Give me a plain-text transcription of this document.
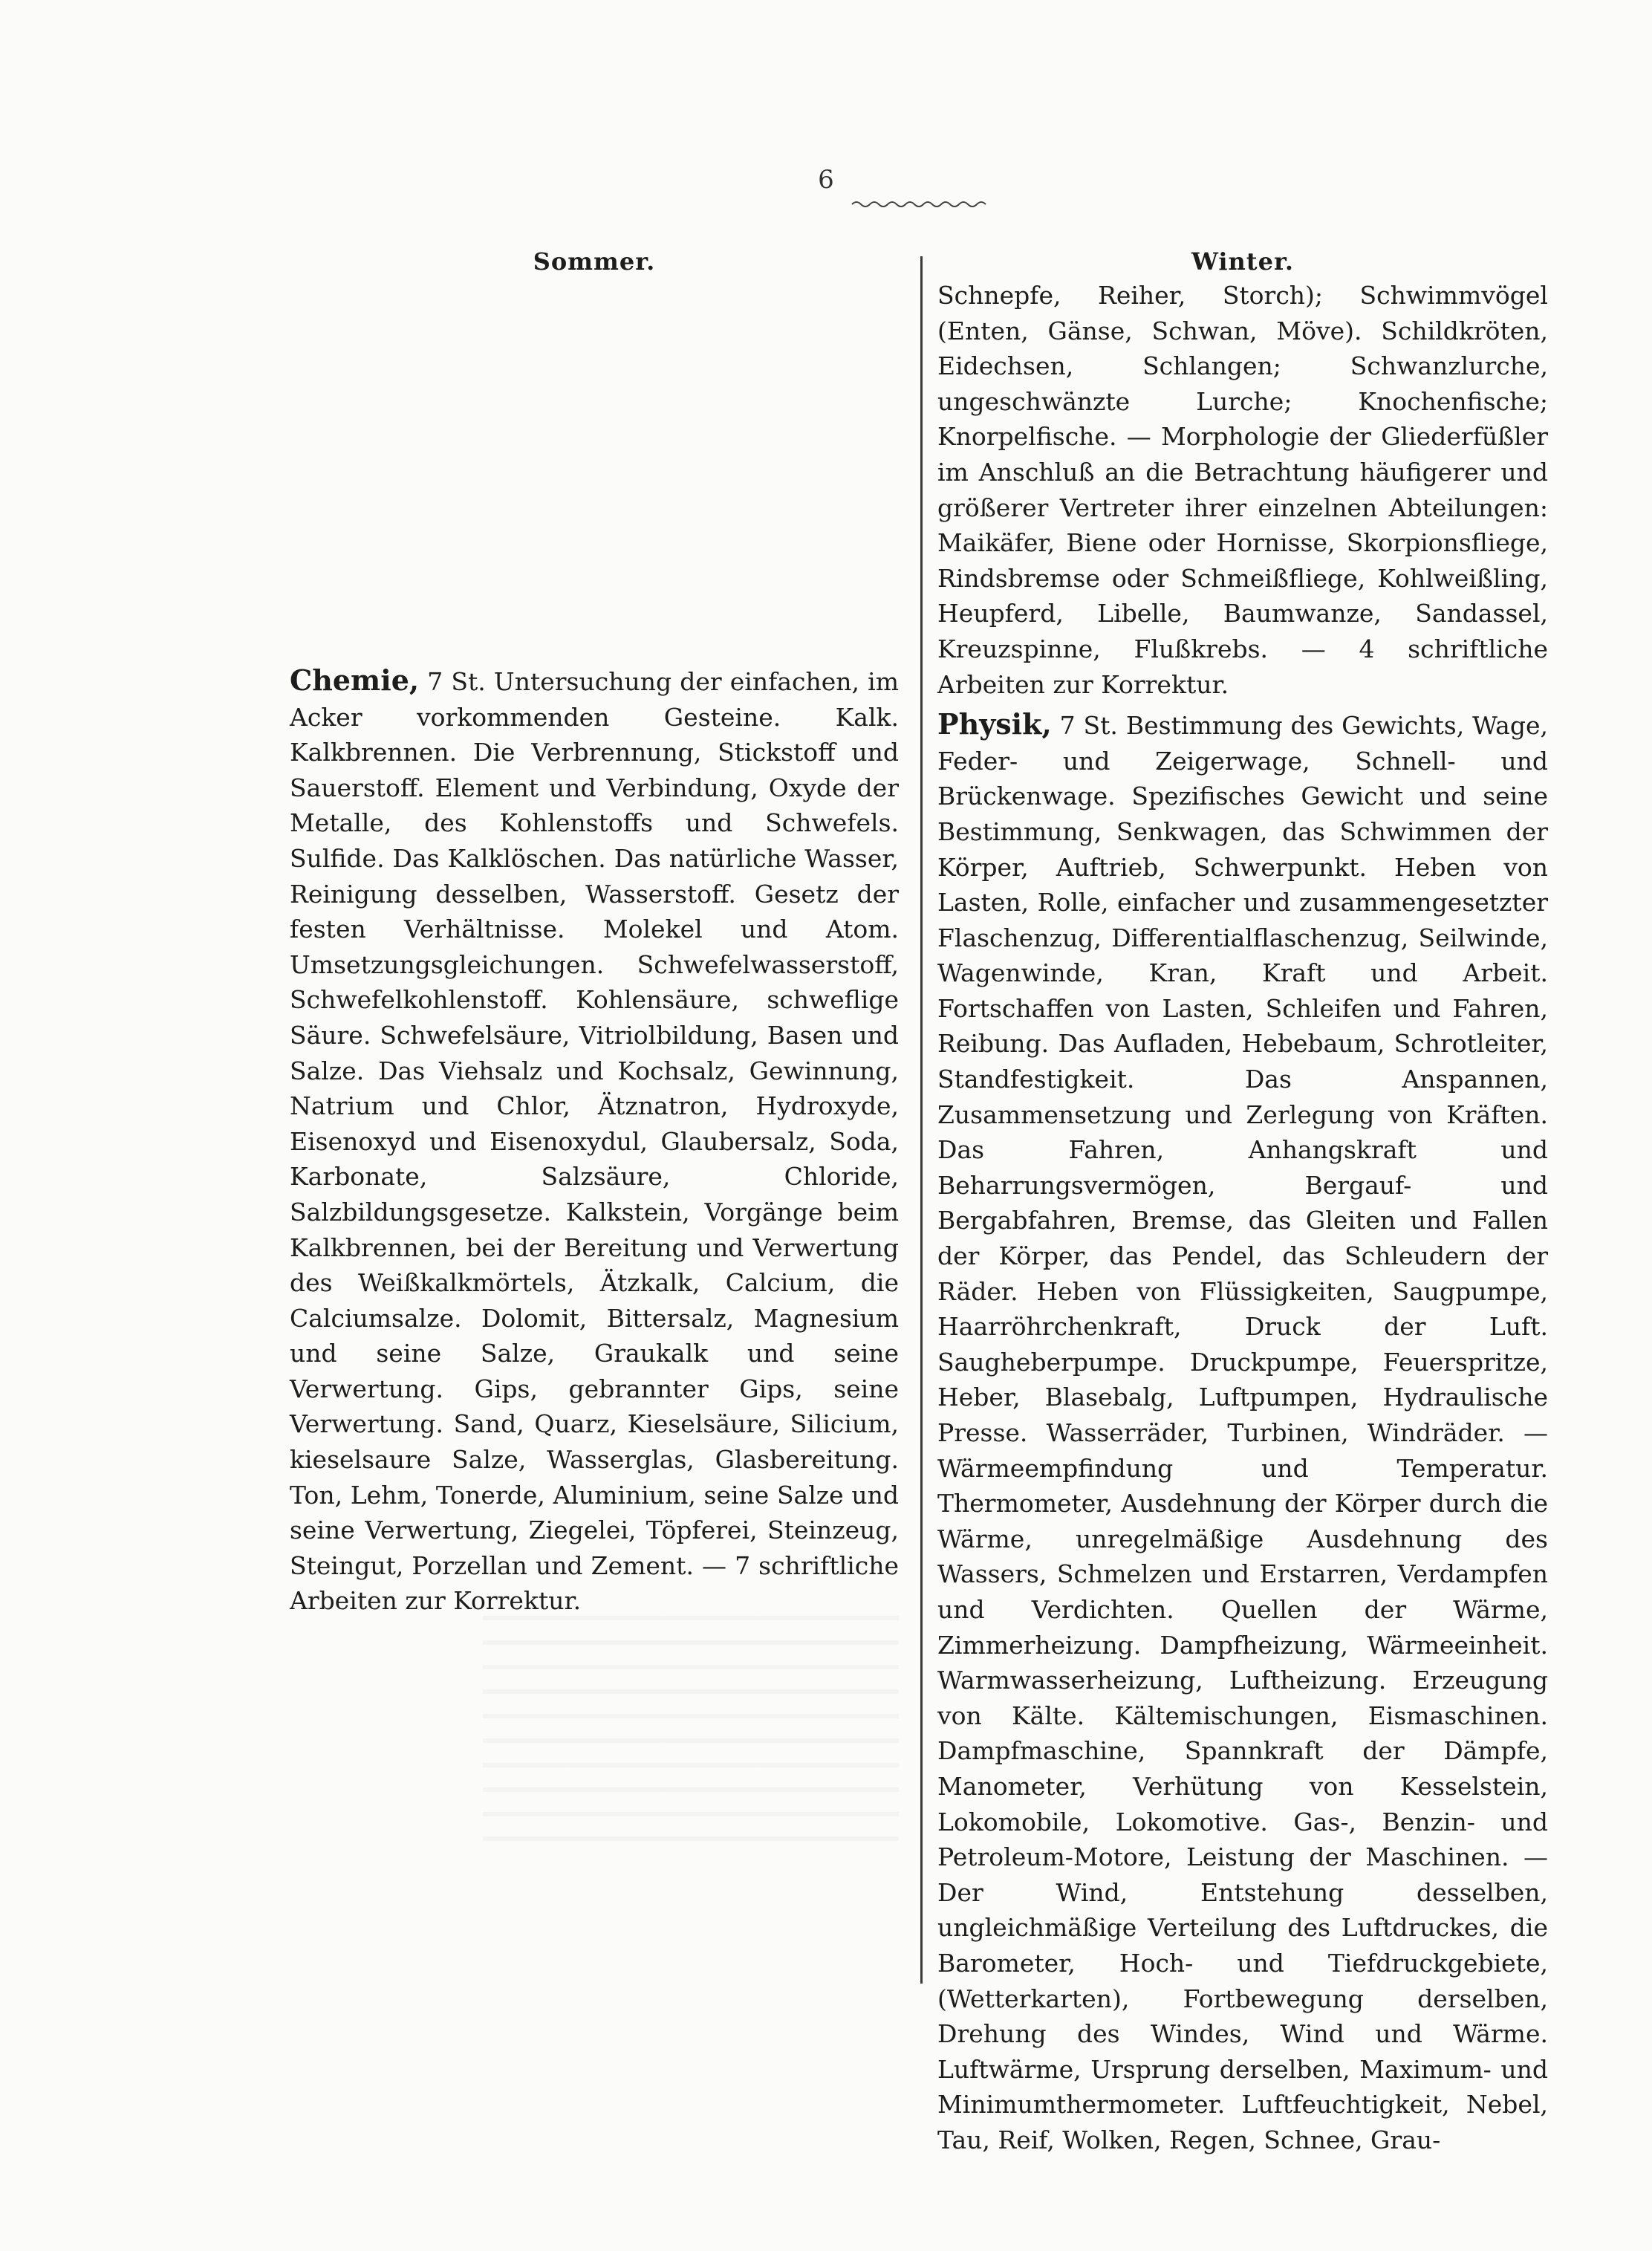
6
Sommer.

Chemie, 7 St. Untersuchung der einfachen, im Acker vorkommenden Gesteine. Kalk. Kalkbrennen. Die Verbrennung, Stickstoff und Sauerstoff. Element und Verbindung, Oxyde der Metalle, des Kohlenstoffs und Schwefels. Sulfide. Das Kalklöschen. Das natürliche Wasser, Reinigung desselben, Wasserstoff. Gesetz der festen Verhältnisse. Molekel und Atom. Umsetzungsgleichungen. Schwefelwasserstoff, Schwefelkohlenstoff. Kohlensäure, schweflige Säure. Schwefelsäure, Vitriolbildung, Basen und Salze. Das Viehsalz und Kochsalz, Gewinnung, Natrium und Chlor, Ätznatron, Hydroxyde, Eisenoxyd und Eisenoxydul, Glaubersalz, Soda, Karbonate, Salzsäure, Chloride, Salzbildungsgesetze. Kalkstein, Vorgänge beim Kalkbrennen, bei der Bereitung und Verwertung des Weißkalkmörtels, Ätzkalk, Calcium, die Calciumsalze. Dolomit, Bittersalz, Magnesium und seine Salze, Graukalk und seine Verwertung. Gips, gebrannter Gips, seine Verwertung. Sand, Quarz, Kieselsäure, Silicium, kieselsaure Salze, Wasserglas, Glasbereitung. Ton, Lehm, Tonerde, Aluminium, seine Salze und seine Verwertung, Ziegelei, Töpferei, Steinzeug, Steingut, Porzellan und Zement. — 7 schriftliche Arbeiten zur Korrektur.

Winter.

Schnepfe, Reiher, Storch); Schwimmvögel (Enten, Gänse, Schwan, Möve). Schildkröten, Eidechsen, Schlangen; Schwanzlurche, ungeschwänzte Lurche; Knochenfische; Knorpelfische. — Morphologie der Gliederfüßler im Anschluß an die Betrachtung häufigerer und größerer Vertreter ihrer einzelnen Abteilungen: Maikäfer, Biene oder Hornisse, Skorpionsfliege, Rindsbremse oder Schmeißfliege, Kohlweißling, Heupferd, Libelle, Baumwanze, Sandassel, Kreuzspinne, Flußkrebs. — 4 schriftliche Arbeiten zur Korrektur.

Physik, 7 St. Bestimmung des Gewichts, Wage, Feder- und Zeigerwage, Schnell- und Brückenwage. Spezifisches Gewicht und seine Bestimmung, Senkwagen, das Schwimmen der Körper, Auftrieb, Schwerpunkt. Heben von Lasten, Rolle, einfacher und zusammengesetzter Flaschenzug, Differentialflaschenzug, Seilwinde, Wagenwinde, Kran, Kraft und Arbeit. Fortschaffen von Lasten, Schleifen und Fahren, Reibung. Das Aufladen, Hebebaum, Schrotleiter, Standfestigkeit. Das Anspannen, Zusammensetzung und Zerlegung von Kräften. Das Fahren, Anhangskraft und Beharrungsvermögen, Bergauf- und Bergabfahren, Bremse, das Gleiten und Fallen der Körper, das Pendel, das Schleudern der Räder. Heben von Flüssigkeiten, Saugpumpe, Haarröhrchenkraft, Druck der Luft. Saugheberpumpe. Druckpumpe, Feuerspritze, Heber, Blasebalg, Luftpumpen, Hydraulische Presse. Wasserräder, Turbinen, Windräder. — Wärmeempfindung und Temperatur. Thermometer, Ausdehnung der Körper durch die Wärme, unregelmäßige Ausdehnung des Wassers, Schmelzen und Erstarren, Verdampfen und Verdichten. Quellen der Wärme, Zimmerheizung. Dampfheizung, Wärmeeinheit. Warmwasserheizung, Luftheizung. Erzeugung von Kälte. Kältemischungen, Eismaschinen. Dampfmaschine, Spannkraft der Dämpfe, Manometer, Verhütung von Kesselstein, Lokomobile, Lokomotive. Gas-, Benzin- und Petroleum-Motore, Leistung der Maschinen. — Der Wind, Entstehung desselben, ungleichmäßige Verteilung des Luftdruckes, die Barometer, Hoch- und Tiefdruckgebiete, (Wetterkarten), Fortbewegung derselben, Drehung des Windes, Wind und Wärme. Luftwärme, Ursprung derselben, Maximum- und Minimumthermometer. Luftfeuchtigkeit, Nebel, Tau, Reif, Wolken, Regen, Schnee, Grau-
